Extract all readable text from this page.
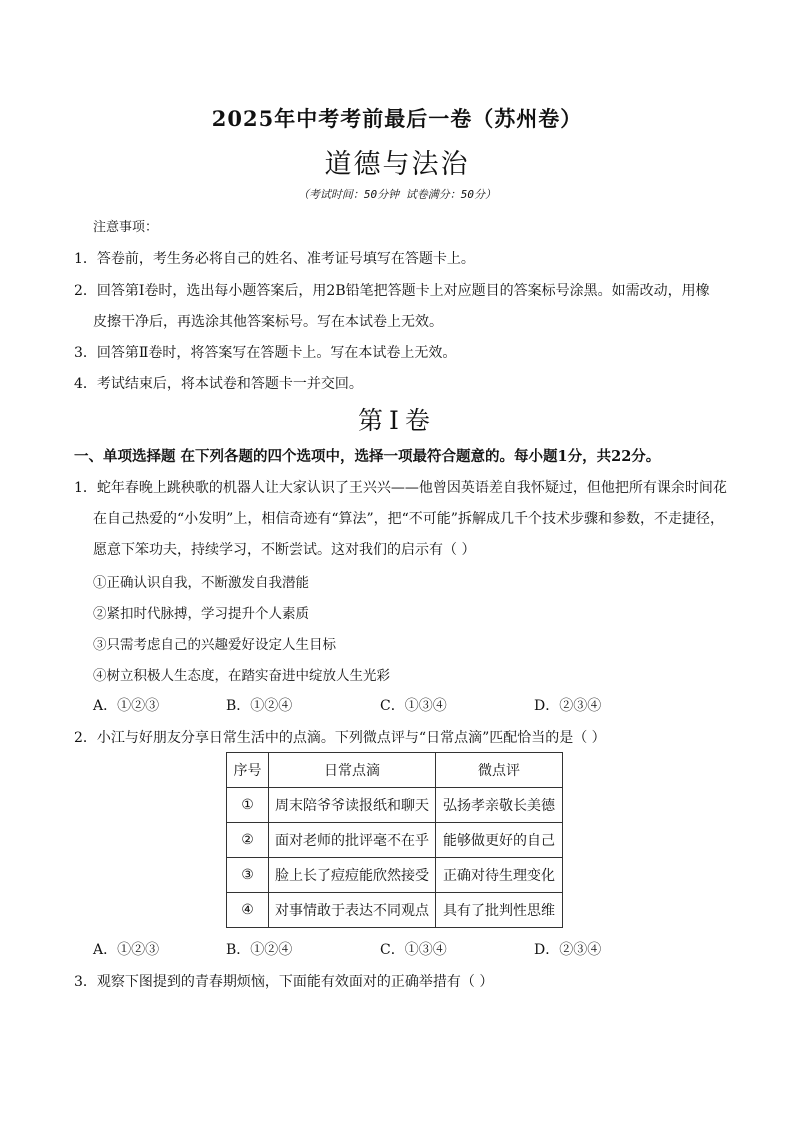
2025年中考考前最后一卷（苏州卷）
道德与法治
（考试时间：50分钟 试卷满分：50分）
注意事项：
1．答卷前，考生务必将自己的姓名、准考证号填写在答题卡上。
2．回答第Ⅰ卷时，选出每小题答案后，用2B铅笔把答题卡上对应题目的答案标号涂黑。如需改动，用橡
皮擦干净后，再选涂其他答案标号。写在本试卷上无效。
3．回答第Ⅱ卷时，将答案写在答题卡上。写在本试卷上无效。
4．考试结束后，将本试卷和答题卡一并交回。
第Ⅰ卷
一、单项选择题 在下列各题的四个选项中，选择一项最符合题意的。每小题1分，共22分。
1．蛇年春晚上跳秧歌的机器人让大家认识了王兴兴——他曾因英语差自我怀疑过，但他把所有课余时间花
在自己热爱的“小发明”上，相信奇迹有“算法”，把“不可能”拆解成几千个技术步骤和参数，不走捷径，
愿意下笨功夫，持续学习，不断尝试。这对我们的启示有（ ）
①正确认识自我，不断激发自我潜能
②紧扣时代脉搏，学习提升个人素质
③只需考虑自己的兴趣爱好设定人生目标
④树立积极人生态度，在踏实奋进中绽放人生光彩
A．①②③	B．①②④	C．①③④	D．②③④
2．小江与好朋友分享日常生活中的点滴。下列微点评与“日常点滴”匹配恰当的是（ ）
序号	日常点滴	微点评
①	周末陪爷爷读报纸和聊天	弘扬孝亲敬长美德
②	面对老师的批评毫不在乎	能够做更好的自己
③	脸上长了痘痘能欣然接受	正确对待生理变化
④	对事情敢于表达不同观点	具有了批判性思维
A．①②③	B．①②④	C．①③④	D．②③④
3．观察下图提到的青春期烦恼，下面能有效面对的正确举措有（ ）
